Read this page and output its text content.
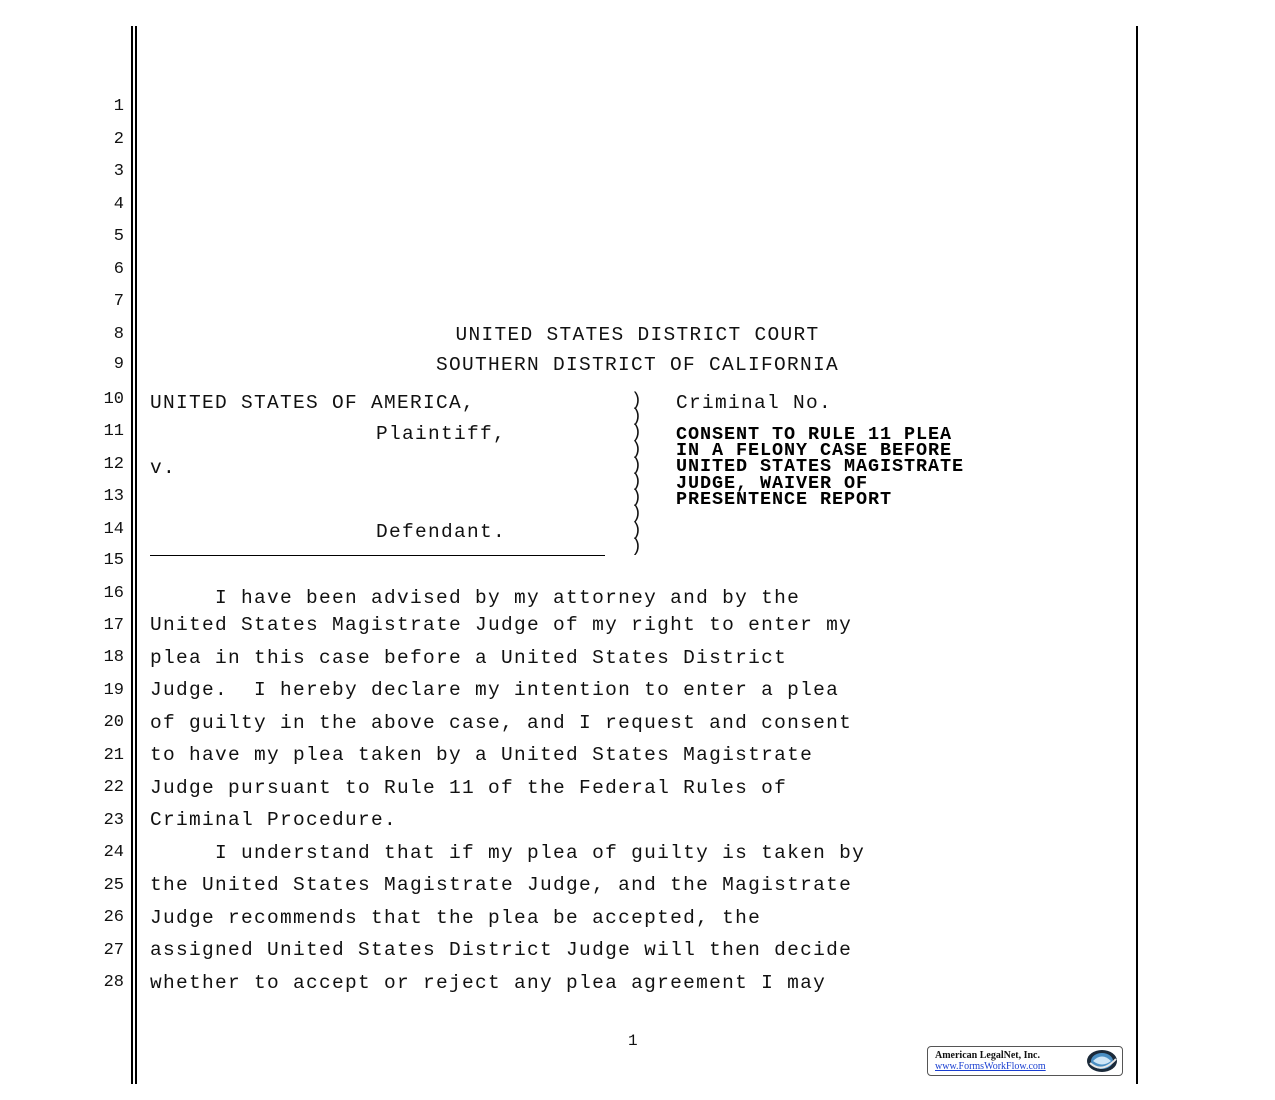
1
2
3
4
5
6
7
8
9
10
11
12
13
14
15
16
17
18
19
20
21
22
23
24
25
26
27
28
UNITED STATES DISTRICT COURT
SOUTHERN DISTRICT OF CALIFORNIA
UNITED STATES OF AMERICA,
Plaintiff,
v.
Defendant.
)
)
)
)
)
)
)
)
)
)
Criminal No.
CONSENT TO RULE 11 PLEA
IN A FELONY CASE BEFORE
UNITED STATES MAGISTRATE
JUDGE, WAIVER OF
PRESENTENCE REPORT
I have been advised by my attorney and by the
United States Magistrate Judge of my right to enter my
plea in this case before a United States District
Judge.  I hereby declare my intention to enter a plea
of guilty in the above case, and I request and consent
to have my plea taken by a United States Magistrate
Judge pursuant to Rule 11 of the Federal Rules of
Criminal Procedure.
I understand that if my plea of guilty is taken by
the United States Magistrate Judge, and the Magistrate
Judge recommends that the plea be accepted, the
assigned United States District Judge will then decide
whether to accept or reject any plea agreement I may
1
American LegalNet, Inc.
www.FormsWorkFlow.com
